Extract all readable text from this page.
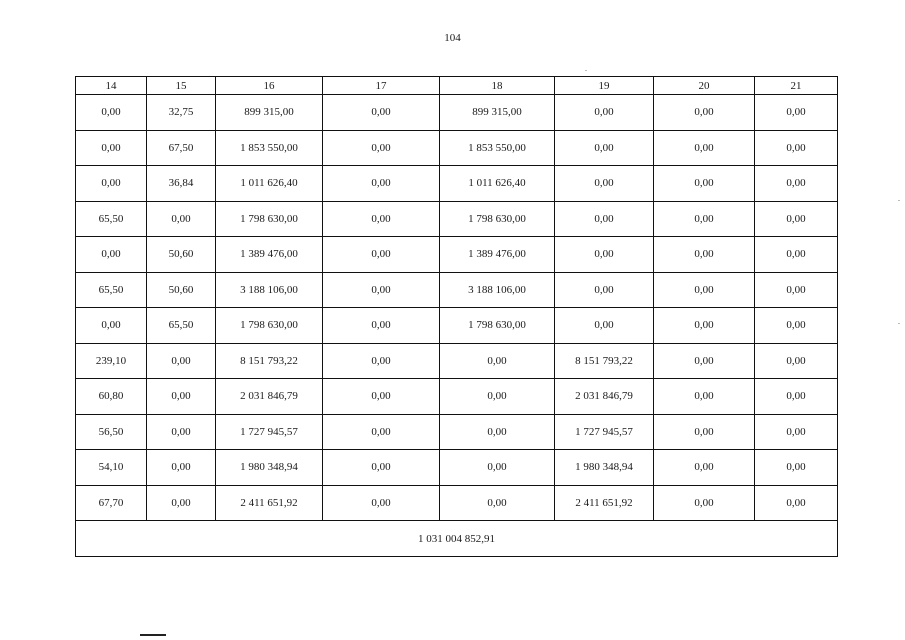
104
14	15	16	17	18	19	20	21
0,00	32,75	899 315,00	0,00	899 315,00	0,00	0,00	0,00
0,00	67,50	1 853 550,00	0,00	1 853 550,00	0,00	0,00	0,00
0,00	36,84	1 011 626,40	0,00	1 011 626,40	0,00	0,00	0,00
65,50	0,00	1 798 630,00	0,00	1 798 630,00	0,00	0,00	0,00
0,00	50,60	1 389 476,00	0,00	1 389 476,00	0,00	0,00	0,00
65,50	50,60	3 188 106,00	0,00	3 188 106,00	0,00	0,00	0,00
0,00	65,50	1 798 630,00	0,00	1 798 630,00	0,00	0,00	0,00
239,10	0,00	8 151 793,22	0,00	0,00	8 151 793,22	0,00	0,00
60,80	0,00	2 031 846,79	0,00	0,00	2 031 846,79	0,00	0,00
56,50	0,00	1 727 945,57	0,00	0,00	1 727 945,57	0,00	0,00
54,10	0,00	1 980 348,94	0,00	0,00	1 980 348,94	0,00	0,00
67,70	0,00	2 411 651,92	0,00	0,00	2 411 651,92	0,00	0,00
1 031 004 852,91							
